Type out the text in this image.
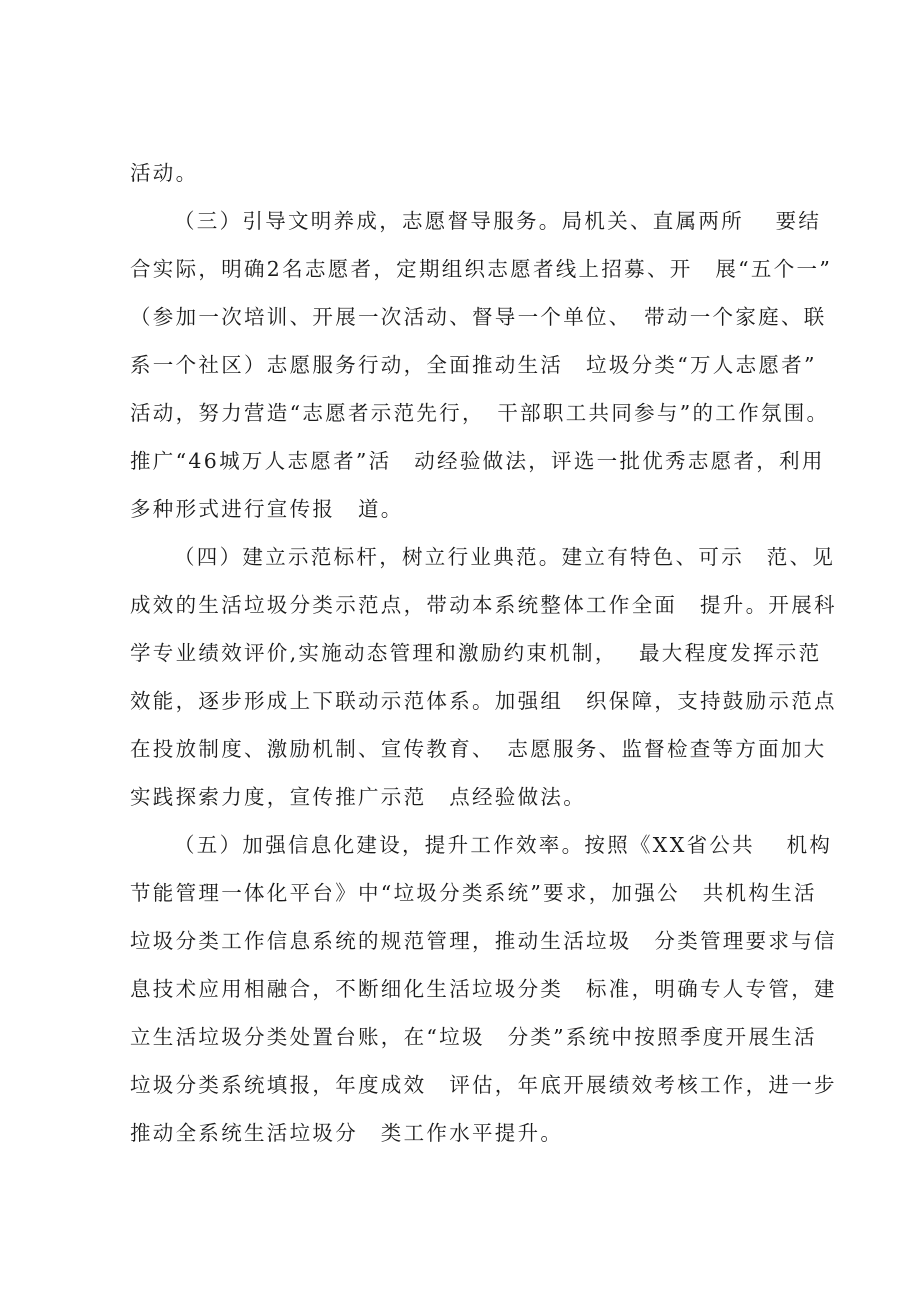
活动。
（三）引导文明养成，志愿督导服务。局机关、直属两所　 要结
合实际，明确2名志愿者，定期组织志愿者线上招募、开　展“五个一”
（参加一次培训、开展一次活动、督导一个单位、　带动一个家庭、联
系一个社区）志愿服务行动，全面推动生活　垃圾分类“万人志愿者”
活动，努力营造“志愿者示范先行，　干部职工共同参与”的工作氛围。
推广“46城万人志愿者”活　动经验做法，评选一批优秀志愿者，利用
多种形式进行宣传报　道。
（四）建立示范标杆，树立行业典范。建立有特色、可示　范、见
成效的生活垃圾分类示范点，带动本系统整体工作全面　提升。开展科
学专业绩效评价,实施动态管理和激励约束机制，　 最大程度发挥示范
效能，逐步形成上下联动示范体系。加强组　织保障，支持鼓励示范点
在投放制度、激励机制、宣传教育、　志愿服务、监督检查等方面加大
实践探索力度，宣传推广示范　点经验做法。
（五）加强信息化建设，提升工作效率。按照《XX省公共　 机构
节能管理一体化平台》中“垃圾分类系统”要求，加强公　共机构生活
垃圾分类工作信息系统的规范管理，推动生活垃圾　分类管理要求与信
息技术应用相融合，不断细化生活垃圾分类　标准，明确专人专管，建
立生活垃圾分类处置台账，在“垃圾　分类”系统中按照季度开展生活
垃圾分类系统填报，年度成效　评估，年底开展绩效考核工作，进一步
推动全系统生活垃圾分　类工作水平提升。
